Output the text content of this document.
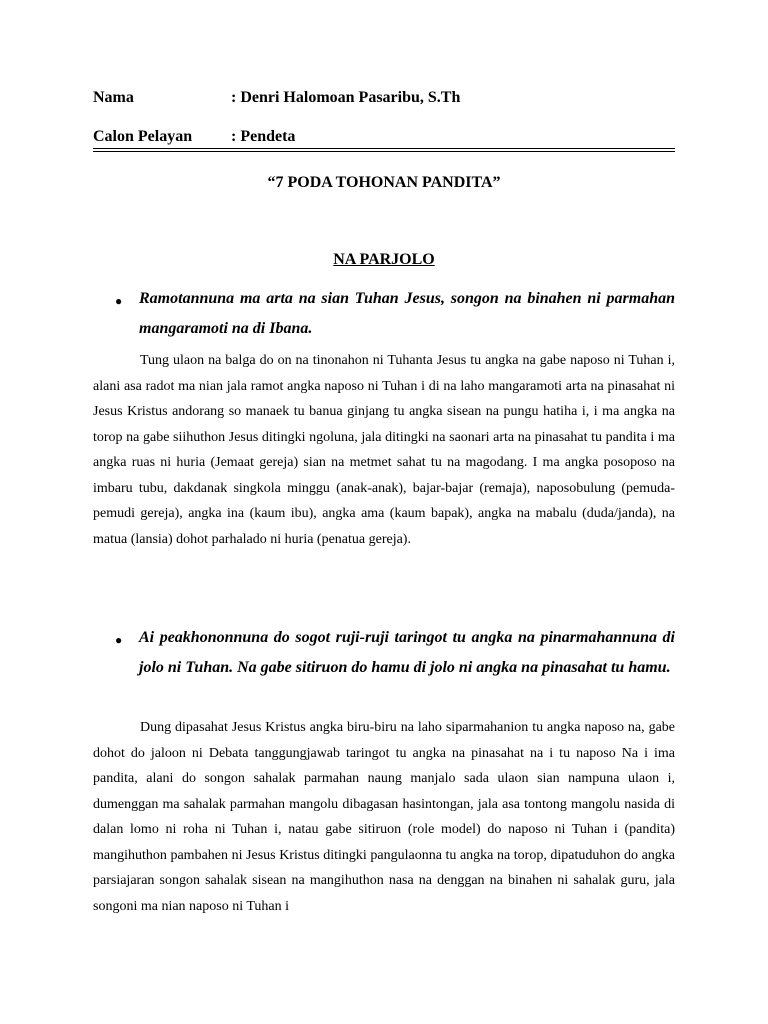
Nama	: Denri Halomoan Pasaribu, S.Th
Calon Pelayan : Pendeta
“7 PODA TOHONAN PANDITA”
NA PARJOLO
● Ramotannuna ma arta na sian Tuhan Jesus, songon na binahen ni parmahan mangaramoti na di Ibana.

Tung ulaon na balga do on na tinonahon ni Tuhanta Jesus tu angka na gabe naposo ni Tuhan i, alani asa radot ma nian jala ramot angka naposo ni Tuhan i di na laho mangaramoti arta na pinasahat ni Jesus Kristus andorang so manaek tu banua ginjang tu angka sisean na pungu hatiha i, i ma angka na torop na gabe siihuthon Jesus ditingki ngoluna, jala ditingki na saonari arta na pinasahat tu pandita i ma angka ruas ni huria (Jemaat gereja) sian na metmet sahat tu na magodang. I ma angka posoposo na imbaru tubu, dakdanak singkola minggu (anak-anak), bajar-bajar (remaja), naposobulung (pemuda-pemudi gereja), angka ina (kaum ibu), angka ama (kaum bapak), angka na mabalu (duda/janda), na matua (lansia) dohot parhalado ni huria (penatua gereja).

● Ai peakhononnuna do sogot ruji-ruji taringot tu angka na pinarmahannuna di jolo ni Tuhan. Na gabe sitiruon do hamu di jolo ni angka na pinasahat tu hamu.

Dung dipasahat Jesus Kristus angka biru-biru na laho siparmahanion tu angka naposo na, gabe dohot do jaloon ni Debata tanggungjawab taringot tu angka na pinasahat na i tu naposo Na i ima pandita, alani do songon sahalak parmahan naung manjalo sada ulaon sian nampuna ulaon i, dumenggan ma sahalak parmahan mangolu dibagasan hasintongan, jala asa tontong mangolu nasida di dalan lomo ni roha ni Tuhan i, natau gabe sitiruon (role model) do naposo ni Tuhan i (pandita) mangihuthon pambahen ni Jesus Kristus ditingki pangulaonna tu angka na torop, dipatuduhon do angka parsiajaran songon sahalak sisean na mangihuthon nasa na denggan na binahen ni sahalak guru, jala songoni ma nian naposo ni Tuhan i
